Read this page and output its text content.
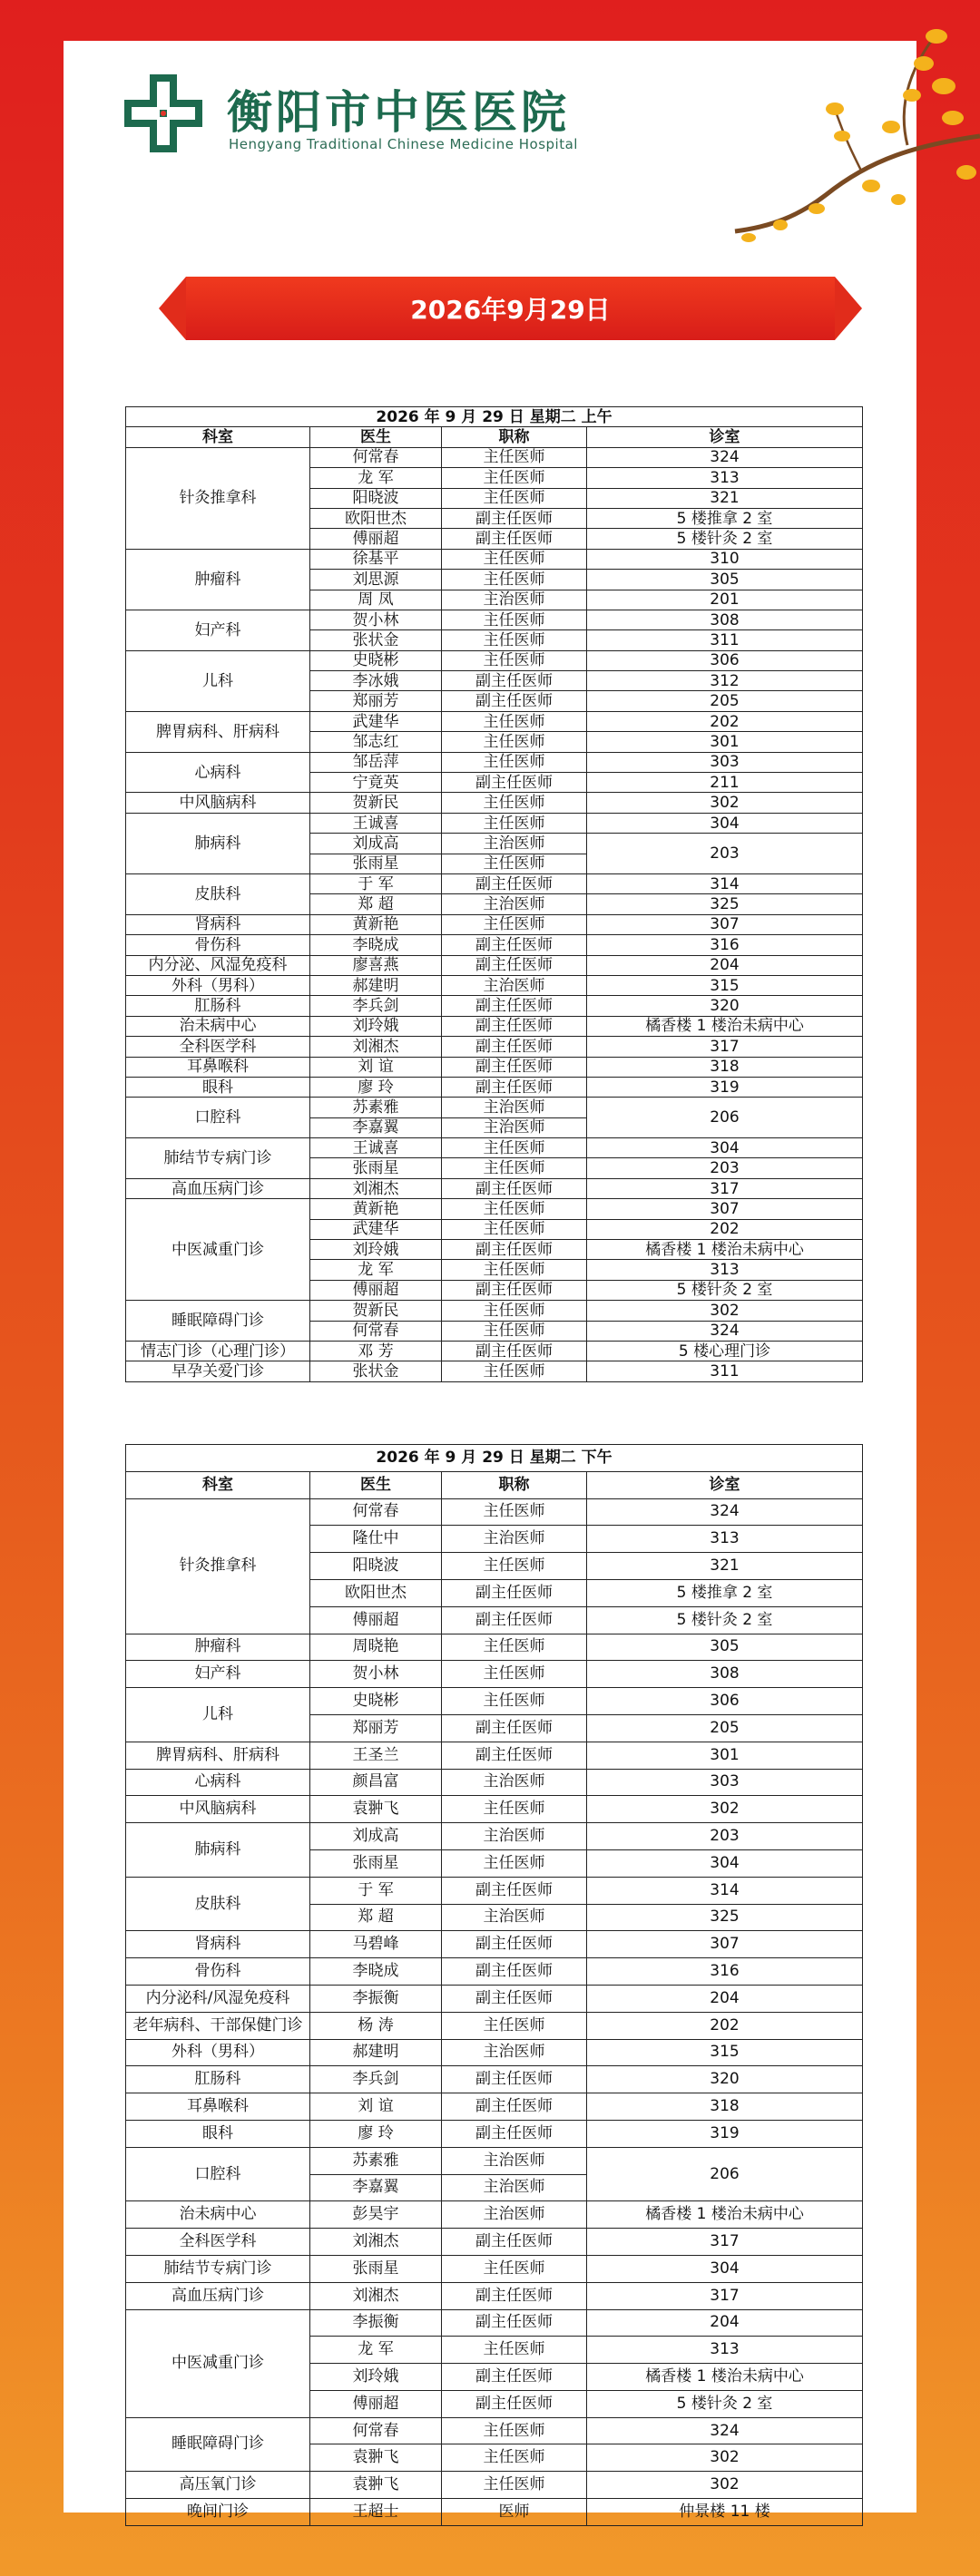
衡阳市中医医院
Hengyang Traditional Chinese Medicine Hospital
2026年9月29日
2026 年 9 月 29 日 星期二 上午			
科室	医生	职称	诊室
针灸推拿科	何常春	主任医师	324
	龙 军	主任医师	313
	阳晓波	主任医师	321
	欧阳世杰	副主任医师	5 楼推拿 2 室
	傅丽超	副主任医师	5 楼针灸 2 室
肿瘤科	徐基平	主任医师	310
	刘思源	主任医师	305
	周 凤	主治医师	201
妇产科	贺小林	主任医师	308
	张状金	主任医师	311
儿科	史晓彬	主任医师	306
	李冰娥	副主任医师	312
	郑丽芳	副主任医师	205
脾胃病科、肝病科	武建华	主任医师	202
	邹志红	主任医师	301
心病科	邹岳萍	主任医师	303
	宁竟英	副主任医师	211
中风脑病科	贺新民	主任医师	302
肺病科	王诚喜	主任医师	304
	刘成高	主治医师	203
	张雨星	主任医师	
皮肤科	于 军	副主任医师	314
	郑 超	主治医师	325
肾病科	黄新艳	主任医师	307
骨伤科	李晓成	副主任医师	316
内分泌、风湿免疫科	廖喜燕	副主任医师	204
外科（男科）	郝建明	主治医师	315
肛肠科	李兵剑	副主任医师	320
治未病中心	刘玲娥	副主任医师	橘香楼 1 楼治未病中心
全科医学科	刘湘杰	副主任医师	317
耳鼻喉科	刘 谊	副主任医师	318
眼科	廖 玲	副主任医师	319
口腔科	苏素雅	主治医师	206
	李嘉翼	主治医师	
肺结节专病门诊	王诚喜	主任医师	304
	张雨星	主任医师	203
高血压病门诊	刘湘杰	副主任医师	317
中医减重门诊	黄新艳	主任医师	307
	武建华	主任医师	202
	刘玲娥	副主任医师	橘香楼 1 楼治未病中心
	龙 军	主任医师	313
	傅丽超	副主任医师	5 楼针灸 2 室
睡眠障碍门诊	贺新民	主任医师	302
	何常春	主任医师	324
情志门诊（心理门诊）	邓 芳	副主任医师	5 楼心理门诊
早孕关爱门诊	张状金	主任医师	311
2026 年 9 月 29 日 星期二 下午			
科室	医生	职称	诊室
针灸推拿科	何常春	主任医师	324
	隆仕中	主治医师	313
	阳晓波	主任医师	321
	欧阳世杰	副主任医师	5 楼推拿 2 室
	傅丽超	副主任医师	5 楼针灸 2 室
肿瘤科	周晓艳	主任医师	305
妇产科	贺小林	主任医师	308
儿科	史晓彬	主任医师	306
	郑丽芳	副主任医师	205
脾胃病科、肝病科	王圣兰	副主任医师	301
心病科	颜昌富	主治医师	303
中风脑病科	袁翀飞	主任医师	302
肺病科	刘成高	主治医师	203
	张雨星	主任医师	304
皮肤科	于 军	副主任医师	314
	郑 超	主治医师	325
肾病科	马碧峰	副主任医师	307
骨伤科	李晓成	副主任医师	316
内分泌科/风湿免疫科	李振衡	副主任医师	204
老年病科、干部保健门诊	杨 涛	主任医师	202
外科（男科）	郝建明	主治医师	315
肛肠科	李兵剑	副主任医师	320
耳鼻喉科	刘 谊	副主任医师	318
眼科	廖 玲	副主任医师	319
口腔科	苏素雅	主治医师	206
	李嘉翼	主治医师	
治未病中心	彭昊宇	主治医师	橘香楼 1 楼治未病中心
全科医学科	刘湘杰	副主任医师	317
肺结节专病门诊	张雨星	主任医师	304
高血压病门诊	刘湘杰	副主任医师	317
中医减重门诊	李振衡	副主任医师	204
	龙 军	主任医师	313
	刘玲娥	副主任医师	橘香楼 1 楼治未病中心
	傅丽超	副主任医师	5 楼针灸 2 室
睡眠障碍门诊	何常春	主任医师	324
	袁翀飞	主任医师	302
高压氧门诊	袁翀飞	主任医师	302
晚间门诊	王超士	医师	仲景楼 11 楼
